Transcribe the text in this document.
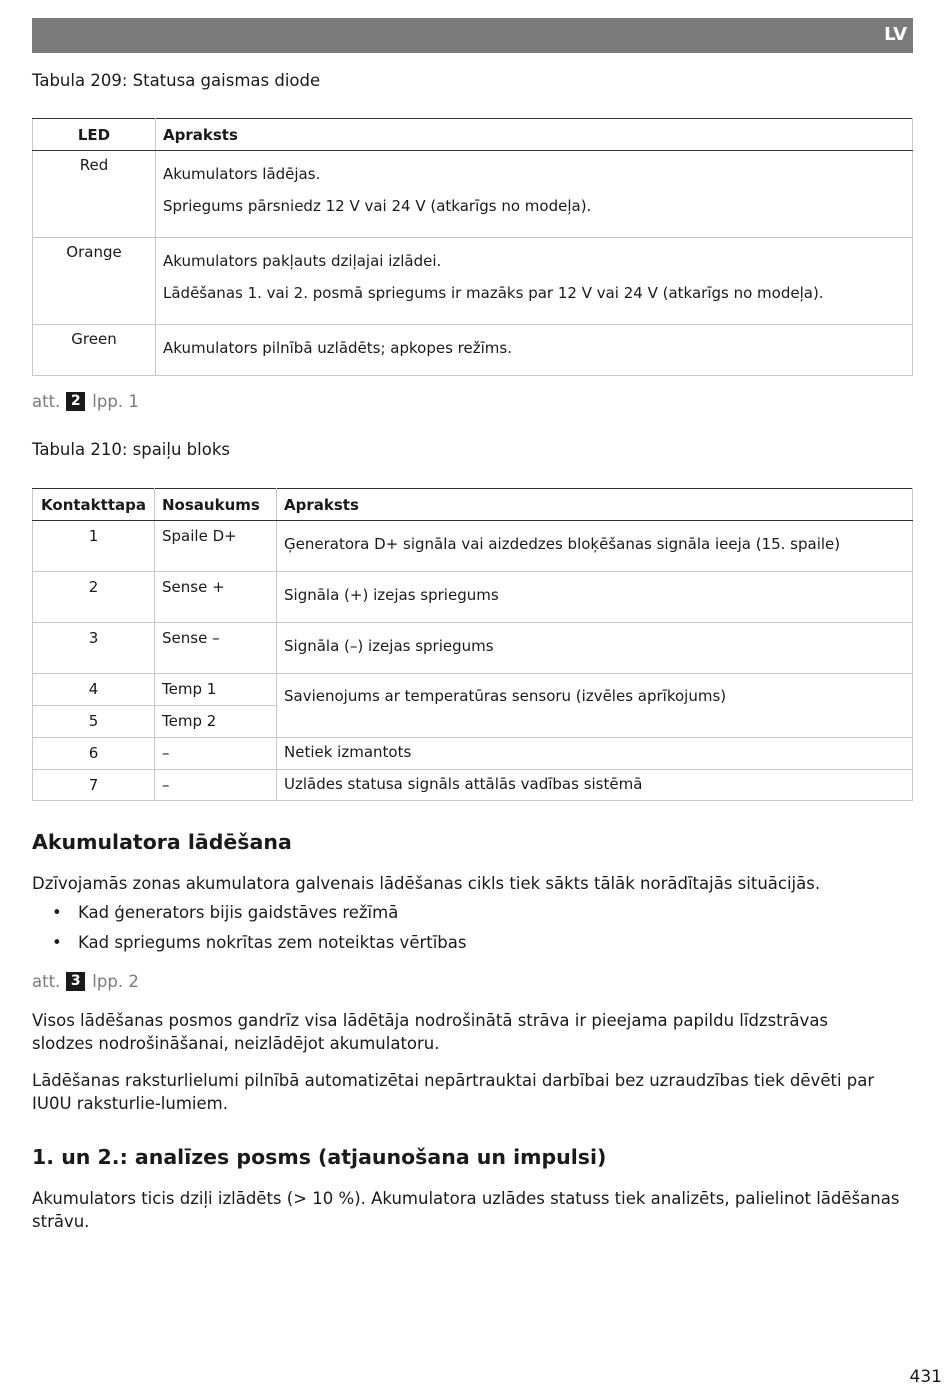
LV
Tabula 209: Statusa gaismas diode
LED	Apraksts
Red	Akumulators lādējas.
Spriegums pārsniedz 12 V vai 24 V (atkarīgs no modeļa).

Orange	Akumulators pakļauts dziļajai izlādei.
Lādēšanas 1. vai 2. posmā spriegums ir mazāks par 12 V vai 24 V (atkarīgs no modeļa).

Green	Akumulators pilnībā uzlādēts; apkopes režīms.
att. 2 lpp. 1
Tabula 210: spaiļu bloks
Kontakttapa	Nosaukums	Apraksts
1	Spaile D+	Ģeneratora D+ signāla vai aizdedzes bloķēšanas signāla ieeja (15. spaile)
2	Sense +	Signāla (+) izejas spriegums
3	Sense –	Signāla (–) izejas spriegums
4	Temp 1	Savienojums ar temperatūras sensoru (izvēles aprīkojums)
5	Temp 2	
6	–	Netiek izmantots
7	–	Uzlādes statusa signāls attālās vadības sistēmā
Akumulatora lādēšana

Dzīvojamās zonas akumulatora galvenais lādēšanas cikls tiek sākts tālāk norādītajās situācijās.

• Kad ģenerators bijis gaidstāves režīmā
• Kad spriegums nokrītas zem noteiktas vērtības
att. 3 lpp. 2

Visos lādēšanas posmos gandrīz visa lādētāja nodrošinātā strāva ir pieejama papildu līdzstrāvas slodzes nodrošināšanai, neizlādējot akumulatoru.

Lādēšanas raksturlielumi pilnībā automatizētai nepārtrauktai darbībai bez uzraudzības tiek dēvēti par IU0U raksturlie-lumiem.

1. un 2.: analīzes posms (atjaunošana un impulsi)

Akumulators ticis dziļi izlādēts (> 10 %). Akumulatora uzlādes statuss tiek analizēts, palielinot lādēšanas strāvu.

431
